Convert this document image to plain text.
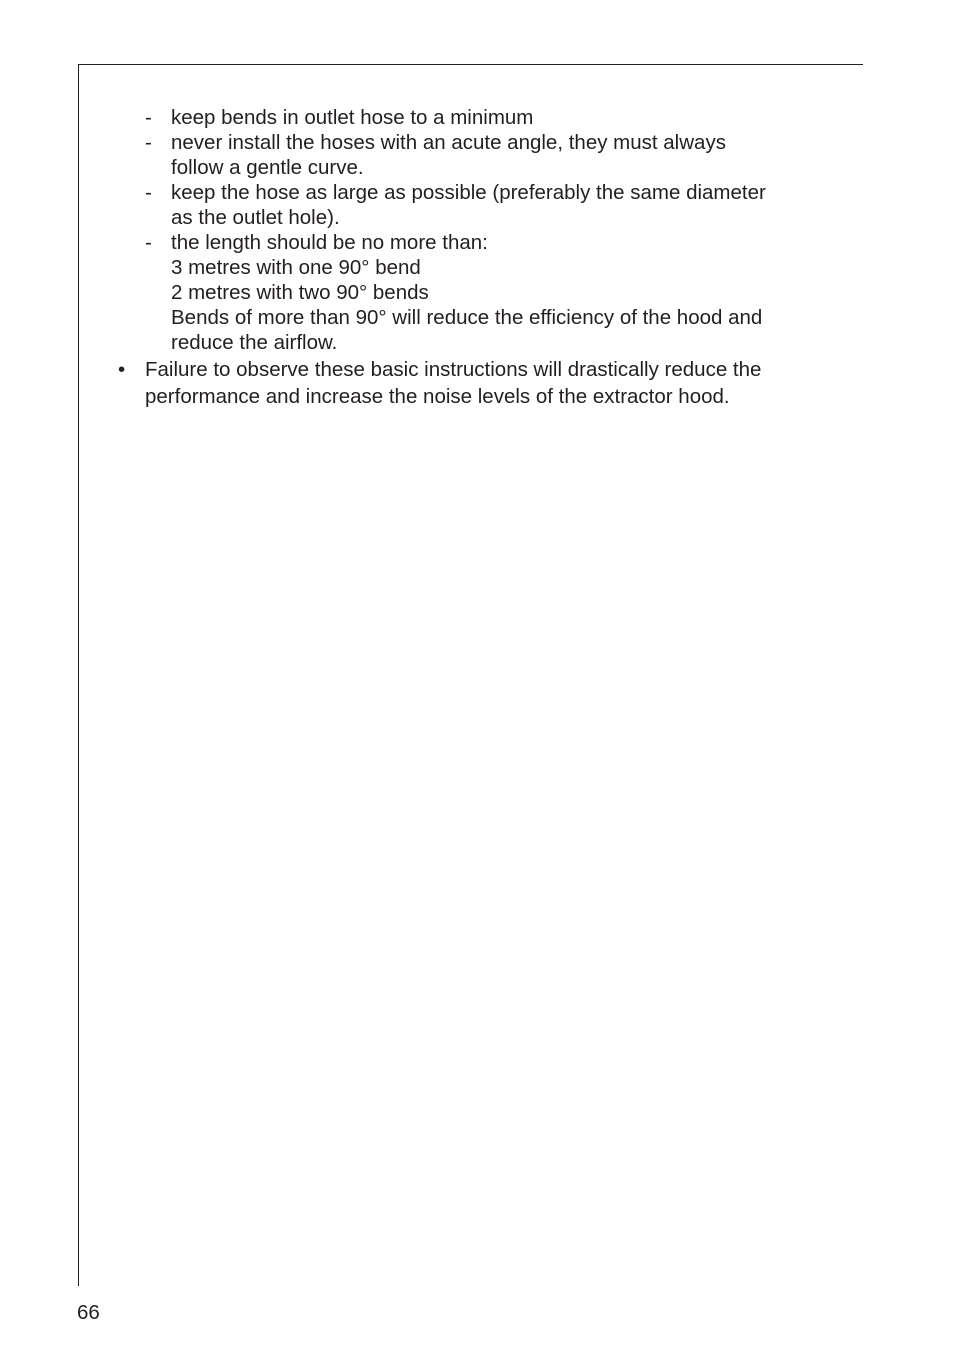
- keep bends in outlet hose to a minimum
- never install the hoses with an acute angle, they must always
follow a gentle curve.
- keep the hose as large as possible (preferably the same diameter
as the outlet hole).
- the length should be no more than:
3 metres with one 90° bend
2 metres with two 90° bends
Bends of more than 90° will reduce the efficiency of the hood and
reduce the airflow.
• Failure to observe these basic instructions will drastically reduce the
performance and increase the noise levels of the extractor hood.
66
